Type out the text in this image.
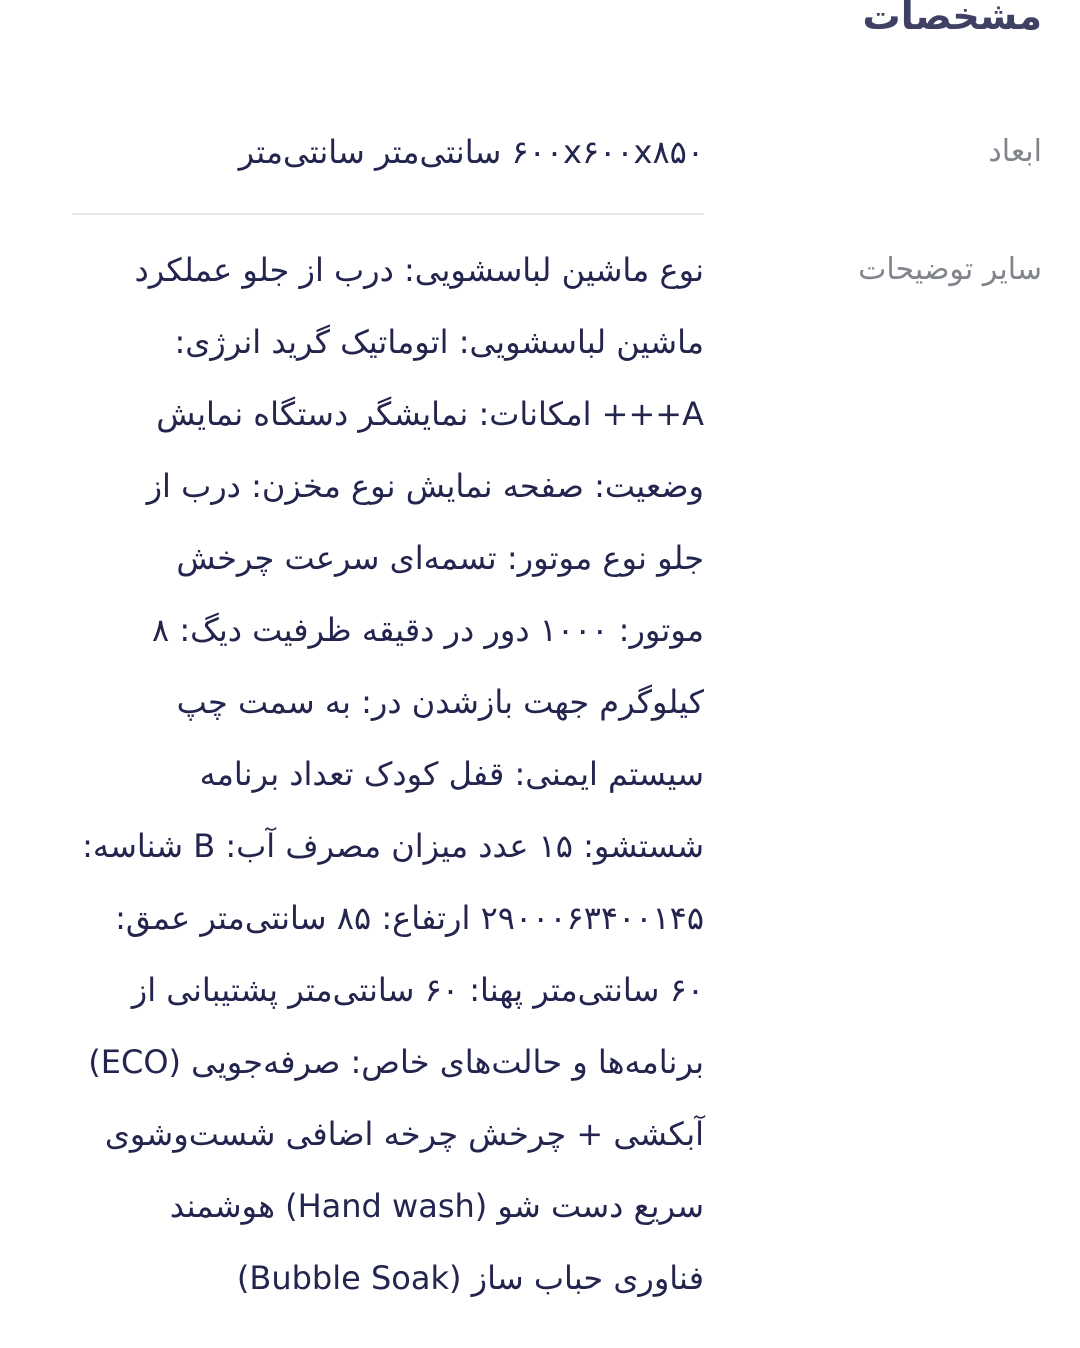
مشخصات
ابعاد
۶۰۰x۶۰۰x۸۵۰ سانتی‌متر سانتی‌متر
سایر توضیحات
نوع ماشین لباسشویی: درب از جلو عملکرد
ماشین لباسشویی: اتوماتیک گرید انرژی:
A+++ امکانات: نمایشگر دستگاه نمایش
وضعیت: صفحه نمایش نوع مخزن: درب از
جلو نوع موتور: تسمه‌ای سرعت چرخش
موتور: ۱۰۰۰ دور در دقیقه ظرفیت دیگ: ۸
کیلوگرم جهت بازشدن در: به سمت چپ
سیستم ایمنی: قفل کودک تعداد برنامه
شستشو: ۱۵ عدد میزان مصرف آب: B شناسه:
۲۹۰۰۰۶۳۴۰۰۱۴۵ ارتفاع: ۸۵ سانتی‌متر عمق:
۶۰ سانتی‌متر پهنا: ۶۰ سانتی‌متر پشتیبانی از
برنامه‌ها و حالت‌های خاص: صرفه‌جویی (ECO)
آبکشی + چرخش چرخه اضافی شست‌وشوی
سریع دست شو (Hand wash) هوشمند
فناوری حباب ساز (Bubble Soak)
